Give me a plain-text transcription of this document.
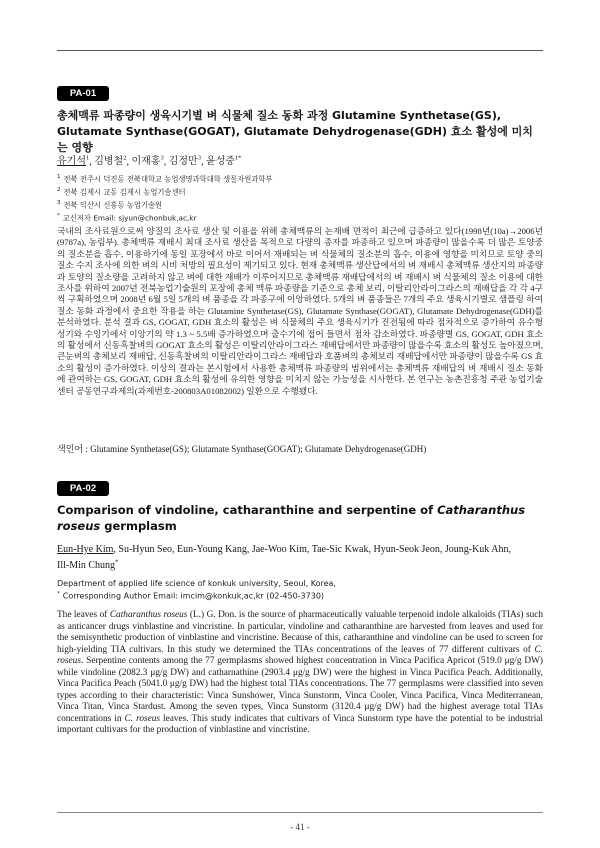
PA-01
총체맥류 파종량이 생육시기별 벼 식물체 질소 동화 과정 Glutamine Synthetase(GS), Glutamate Synthase(GOGAT), Glutamate Dehydrogenase(GDH) 효소 활성에 미치는 영향

유기석$^1$, 김병철$^2$, 이재홍$^3$, 김정만$^3$, 윤성중$^{1*}$

$^1$ 전북 전주시 덕진동 전북대학교 농업생명과학대학 생물자원과학부
$^2$ 전북 김제시 교동 김제시 농업기술센터
$^3$ 전북 익산시 신흥동 농업기술원
* 교신저자 Email: sjyun@chonbuk,ac,kr

국내의 조사료원으로써 양질의 조사료 생산 및 이용을 위해 총체맥류의 논재배 면적이 최근에 급증하고 있다(1998년(10a)→2006년(9787a), 농림부). 총체맥류 재배시 최대 조사료 생산을 목적으로 다량의 종자를 파종하고 있으며 파종량이 많을수록 더 많은 토양중의 질소분을 흡수, 이용하기에 동일 포장에서 바로 이어서 재배되는 벼 식물체의 질소분의 흡수, 이용에 영향을 미치므로 토양 중의 질소 수지 조사에 의한 벼의 시비 처방의 필요성이 제기되고 있다. 현재 총체맥류 생산답에서의 벼 재배시 총체맥류 생산지의 파종량과 토양의 질소량을 고려하지 않고 벼에 대한 재배가 이루어지므로 총체맥류 재배답에서의 벼 재배시 벼 식물체의 질소 이용에 대한 조사를 위하여 2007년 전북농업기술원의 포장에 총체 맥류 파종량을 기준으로 총체 보리, 이탈리안라이그라스의 재배답을 각 각 4구씩 구획하였으며 2008년 6월 5일 5개의 벼 품종을 각 파종구에 이앙하였다. 5개의 벼 품종들은 7개의 주요 생육시기별로 샘플링 하여 질소 동화 과정에서 중요한 작용을 하는 Glutamine Synthetase(GS), Glutamate Synthase(GOGAT), Glutamate Dehydrogenase(GDH)를 분석하였다. 분석 결과 GS, GOGAT, GDH 효소의 활성은 벼 식물체의 주요 생육시기가 진전됨에 따라 점차적으로 증가하여 유수형성기와 수잉기에서 이앙기의 약 1.3 ~ 5.5배 증가하였으며 출수기에 접어 들면서 점차 감소하였다. 파종량별 GS, GOGAT, GDH 효소의 활성에서 신동흑찰벼의 GOGAT 효소의 활성은 이탈리안라이그라스 재배답에서만 파종량이 많을수록 효소의 활성도 높아졌으며, 큰눈벼의 총체보리 재배답, 신동흑찰벼의 이탈리안라이그라스 재배답과 호품벼의 총체보리 재배답에서만 파종량이 많을수록 GS 효소의 활성이 증가하였다. 이상의 결과는 본시험에서 사용한 총체맥류 파종량의 범위에서는 총체맥류 재배답의 벼 재배시 질소 동화에 관여하는 GS, GOGAT, GDH 효소의 활성에 유의한 영향을 미치지 않는 가능성을 시사한다. 본 연구는 농촌진흥청 주관 농업기술센터 공동연구과제의(과제번호-200803A01082002) 일환으로 수행됐다.

색인어 : Glutamine Synthetase(GS); Glutamate Synthase(GOGAT); Glutamate Dehydrogenase(GDH)

PA-02
Comparison of vindoline, catharanthine and serpentine of Catharanthus roseus germplasm

Eun-Hye Kim, Su-Hyun Seo, Eun-Young Kang, Jae-Woo Kim, Tae-Sic Kwak, Hyun-Seok Jeon, Joung-Kuk Ahn, Ill-Min Chung*

Department of applied life science of konkuk university, Seoul, Korea,
* Corresponding Author Email: imcim@konkuk,ac,kr (02-450-3730)

The leaves of Catharanthus roseus (L.) G. Don. is the source of pharmaceutically valuable terpenoid indole alkaloids (TIAs) such as anticancer drugs vinblastine and vincristine. In particular, vindoline and catharanthine are harvested from leaves and used for the semisynthetic production of vinblastine and vincristine. Because of this, catharanthine and vindoline can be used to screen for high-yielding TIA cultivars. In this study we determined the TIAs concentrations of the leaves of 77 different cultivars of C. roseus. Serpentine contents among the 77 germplasms showed highest concentration in Vinca Pacifica Apricot (519.0 μg/g DW) while vindoline (2082.3 μg/g DW) and catharnathine (2903.4 μg/g DW) were the highest in Vinca Pacifica Peach. Additionally, Vinca Pacifica Peach (5041.0 μg/g DW) had the highest total TIAs concentrations. The 77 germplasms were classified into seven types according to their characteristic: Vinca Sunshower, Vinca Sunstorm, Vinca Cooler, Vinca Pacifica, Vinca Mediterranean, Vinca Titan, Vinca Stardust. Among the seven types, Vinca Sunstorm (3120.4 μg/g DW) had the highest average total TIAs concentrations in C. roseus leaves. This study indicates that cultivars of Vinca Sunstorm type have the potential to be industrial important cultivars for the production of vinblastine and vincristine.

- 41 -
